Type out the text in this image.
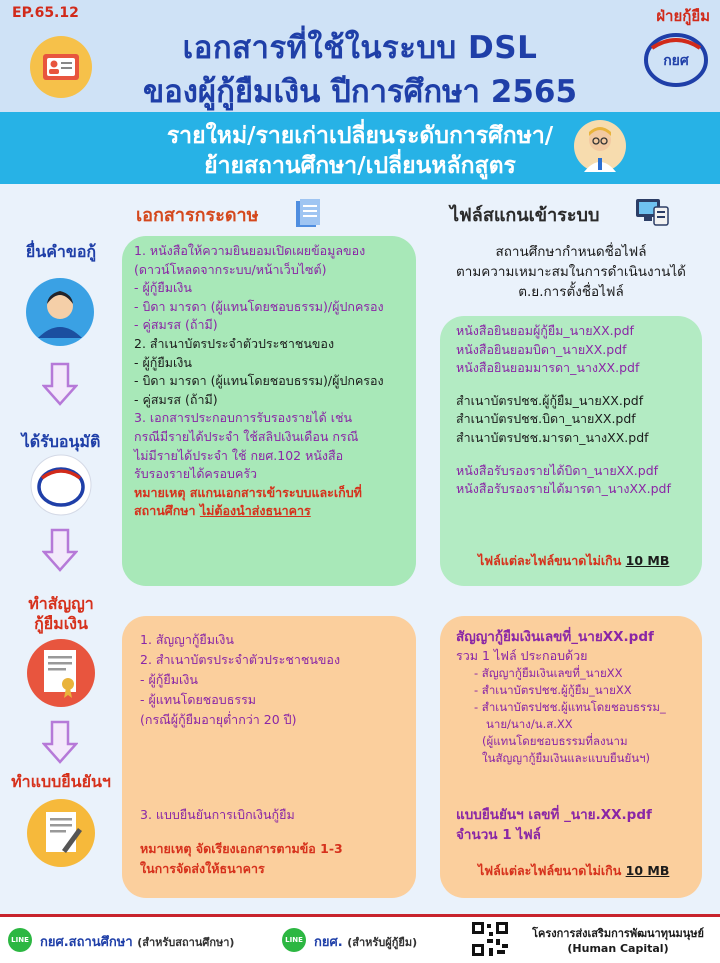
EP.65.12	ฝ่ายกู้ยืม
เอกสารที่ใช้ในระบบ DSL
ของผู้กู้ยืมเงิน ปีการศึกษา 2565
กยศ
รายใหม่/รายเก่าเปลี่ยนระดับการศึกษา/
ย้ายสถานศึกษา/เปลี่ยนหลักสูตร
เอกสารกระดาษ	ไฟล์สแกนเข้าระบบ
ยื่นคำขอกู้
ได้รับอนุมัติ
ทำสัญญา
กู้ยืมเงิน
ทำแบบยืนยันฯ
1. หนังสือให้ความยินยอมเปิดเผยข้อมูลของ
(ดาวน์โหลดจากระบบ/หน้าเว็บไซต์)
- ผู้กู้ยืมเงิน
- บิดา มารดา (ผู้แทนโดยชอบธรรม)/ผู้ปกครอง
- คู่สมรส (ถ้ามี)
2. สำเนาบัตรประจำตัวประชาชนของ
- ผู้กู้ยืมเงิน
- บิดา มารดา (ผู้แทนโดยชอบธรรม)/ผู้ปกครอง
- คู่สมรส (ถ้ามี)
3. เอกสารประกอบการรับรองรายได้ เช่น
กรณีมีรายได้ประจำ ใช้สลิปเงินเดือน กรณี
ไม่มีรายได้ประจำ ใช้ กยศ.102 หนังสือ
รับรองรายได้ครอบครัว
หมายเหตุ สแกนเอกสารเข้าระบบและเก็บที่
สถานศึกษา ไม่ต้องนำส่งธนาคาร
สถานศึกษากำหนดชื่อไฟล์
ตามความเหมาะสมในการดำเนินงานได้
ต.ย.การตั้งชื่อไฟล์
หนังสือยินยอมผู้กู้ยืม_นายXX.pdf
หนังสือยินยอมบิดา_นายXX.pdf
หนังสือยินยอมมารดา_นางXX.pdf
สำเนาบัตรปชช.ผู้กู้ยืม_นายXX.pdf
สำเนาบัตรปชช.บิดา_นายXX.pdf
สำเนาบัตรปชช.มารดา_นางXX.pdf
หนังสือรับรองรายได้บิดา_นายXX.pdf
หนังสือรับรองรายได้มารดา_นางXX.pdf
ไฟล์แต่ละไฟล์ขนาดไม่เกิน 10 MB
1. สัญญากู้ยืมเงิน
2. สำเนาบัตรประจำตัวประชาชนของ
- ผู้กู้ยืมเงิน
- ผู้แทนโดยชอบธรรม
(กรณีผู้กู้ยืมอายุต่ำกว่า 20 ปี)
3. แบบยืนยันการเบิกเงินกู้ยืม
หมายเหตุ จัดเรียงเอกสารตามข้อ 1-3
ในการจัดส่งให้ธนาคาร
สัญญากู้ยืมเงินเลขที่_นายXX.pdf
รวม 1 ไฟล์ ประกอบด้วย
- สัญญากู้ยืมเงินเลขที่_นายXX
- สำเนาบัตรปชช.ผู้กู้ยืม_นายXX
- สำเนาบัตรปชช.ผู้แทนโดยชอบธรรม_
นาย/นาง/น.ส.XX
(ผู้แทนโดยชอบธรรมที่ลงนาม
ในสัญญากู้ยืมเงินและแบบยืนยันฯ)
แบบยืนยันฯ เลขที่ _นาย.XX.pdf
จำนวน 1 ไฟล์
ไฟล์แต่ละไฟล์ขนาดไม่เกิน 10 MB
LINE กยศ.สถานศึกษา (สำหรับสถานศึกษา)	LINE กยศ. (สำหรับผู้กู้ยืม)
โครงการส่งเสริมการพัฒนาทุนมนุษย์
(Human Capital)
